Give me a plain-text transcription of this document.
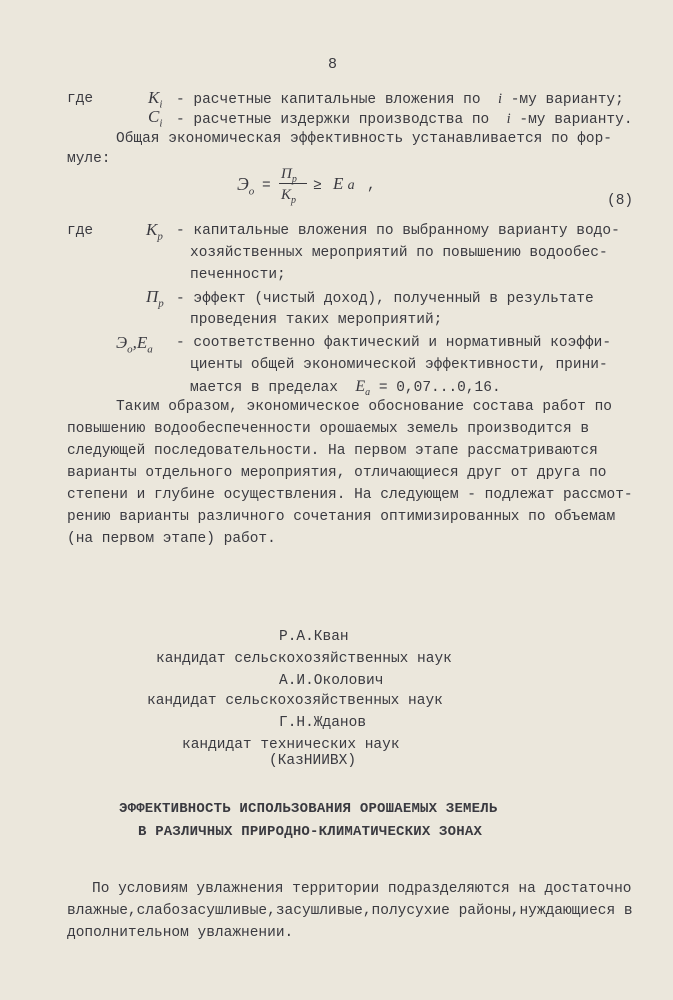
8
где	$K_i$ - расчетные капитальные вложения по i -му варианту;
$C_i$ - расчетные издержки производства по i -му варианту.
Общая экономическая эффективность устанавливается по фор-
муле:
$Э_о$ =
$П_р$
$K_р$
≥ E а ,
(8)
где	$K_р$ - капитальные вложения по выбранному варианту водо-
хозяйственных мероприятий по повышению водообес-
печенности;
$П_р$ - эффект (чистый доход), полученный в результате
проведения таких мероприятий;
$Э_о,E_а$ - соответственно фактический и нормативный коэффи-
циенты общей экономической эффективности, прини-
мается в пределах $E_а = 0,07...0,16$.
Таким образом, экономическое обоснование состава работ по
повышению водообеспеченности орошаемых земель производится в
следующей последовательности. На первом этапе рассматриваются
варианты отдельного мероприятия, отличающиеся друг от друга по
степени и глубине осуществления. На следующем - подлежат рассмот-
рению варианты различного сочетания оптимизированных по объемам
(на первом этапе) работ.
Р.А.Кван
кандидат сельскохозяйственных наук
А.И.Околович
кандидат сельскохозяйственных наук
Г.Н.Жданов
кандидат технических наук
(КазНИИВХ)
ЭФФЕКТИВНОСТЬ ИСПОЛЬЗОВАНИЯ ОРОШАЕМЫХ ЗЕМЕЛЬ
В РАЗЛИЧНЫХ ПРИРОДНО-КЛИМАТИЧЕСКИХ ЗОНАХ
По условиям увлажнения территории подразделяются на достаточно
влажные,слабозасушливые,засушливые,полусухие районы,нуждающиеся в
дополнительном увлажнении.
